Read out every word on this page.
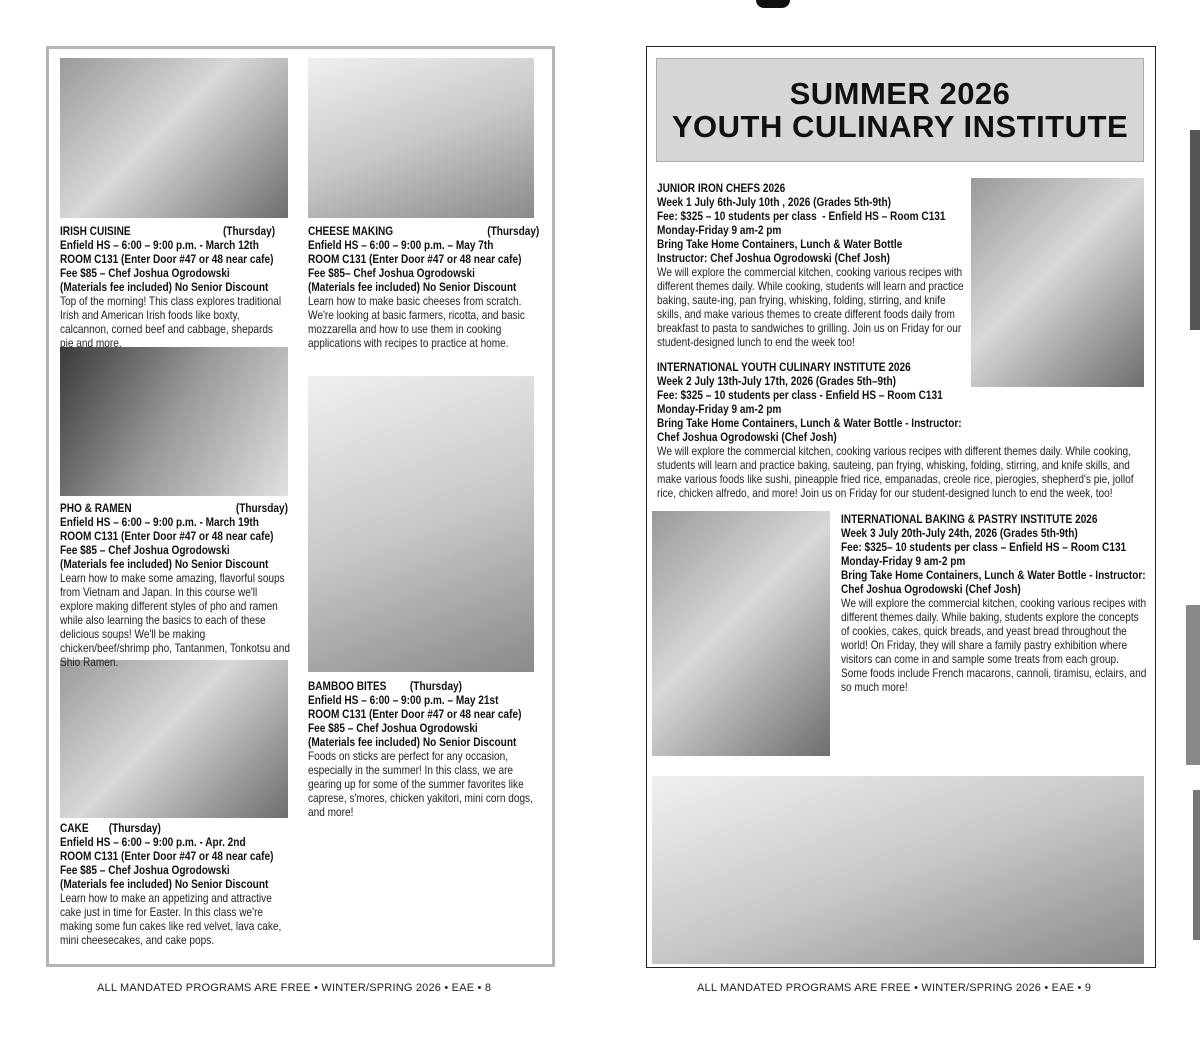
IRISH CUISINE	(Thursday)
Enfield HS – 6:00 – 9:00 p.m. - March 12th
ROOM C131 (Enter Door #47 or 48 near cafe)
Fee $85 – Chef Joshua Ogrodowski
(Materials fee included) No Senior Discount
Top of the morning! This class explores traditional Irish and American Irish foods like boxty, calcannon, corned beef and cabbage, shepards pie and more.
CHEESE MAKING	(Thursday)
Enfield HS – 6:00 – 9:00 p.m. – May 7th
ROOM C131 (Enter Door #47 or 48 near cafe)
Fee $85– Chef Joshua Ogrodowski
(Materials fee included) No Senior Discount
Learn how to make basic cheeses from scratch. We're looking at basic farmers, ricotta, and basic mozzarella and how to use them in cooking applications with recipes to practice at home.
PHO & RAMEN	(Thursday)
Enfield HS – 6:00 – 9:00 p.m. - March 19th
ROOM C131 (Enter Door #47 or 48 near cafe)
Fee $85 – Chef Joshua Ogrodowski
(Materials fee included) No Senior Discount
Learn how to make some amazing, flavorful soups from Vietnam and Japan. In this course we'll explore making different styles of pho and ramen while also learning the basics to each of these delicious soups! We'll be making chicken/beef/shrimp pho, Tantanmen, Tonkotsu and Shio Ramen.
BAMBOO BITES (Thursday)
Enfield HS – 6:00 – 9:00 p.m. – May 21st
ROOM C131 (Enter Door #47 or 48 near cafe)
Fee $85 – Chef Joshua Ogrodowski
(Materials fee included) No Senior Discount
Foods on sticks are perfect for any occasion, especially in the summer! In this class, we are gearing up for some of the summer favorites like caprese, s'mores, chicken yakitori, mini corn dogs, and more!
CAKE (Thursday)
Enfield HS – 6:00 – 9:00 p.m. - Apr. 2nd
ROOM C131 (Enter Door #47 or 48 near cafe)
Fee $85 – Chef Joshua Ogrodowski
(Materials fee included) No Senior Discount
Learn how to make an appetizing and attractive cake just in time for Easter. In this class we're making some fun cakes like red velvet, lava cake, mini cheesecakes, and cake pops.
ALL MANDATED PROGRAMS ARE FREE • WINTER/SPRING 2026 • EAE • 8
SUMMER 2026
YOUTH CULINARY INSTITUTE
JUNIOR IRON CHEFS 2026
Week 1 July 6th-July 10th , 2026 (Grades 5th-9th)
Fee: $325 – 10 students per class  - Enfield HS – Room C131
Monday-Friday 9 am-2 pm
Bring Take Home Containers, Lunch & Water Bottle
Instructor: Chef Joshua Ogrodowski (Chef Josh)
We will explore the commercial kitchen, cooking various recipes with different themes daily. While cooking, students will learn and practice baking, saute-ing, pan frying, whisking, folding, stirring, and knife skills, and make various themes to create different foods daily from breakfast to pasta to sandwiches to grilling. Join us on Friday for our student-designed lunch to end the week too!
INTERNATIONAL YOUTH CULINARY INSTITUTE 2026
Week 2 July 13th-July 17th, 2026 (Grades 5th–9th)
Fee: $325 – 10 students per class - Enfield HS – Room C131
Monday-Friday 9 am-2 pm
Bring Take Home Containers, Lunch & Water Bottle - Instructor:
Chef Joshua Ogrodowski (Chef Josh)
We will explore the commercial kitchen, cooking various recipes with different themes daily. While cooking, students will learn and practice baking, sauteing, pan frying, whisking, folding, stirring, and knife skills, and make various foods like sushi, pineapple fried rice, empanadas, creole rice, pierogies, shepherd's pie, jollof rice, chicken alfredo, and more! Join us on Friday for our student-designed lunch to end the week, too!
INTERNATIONAL BAKING & PASTRY INSTITUTE 2026
Week 3 July 20th-July 24th, 2026 (Grades 5th-9th)
Fee: $325– 10 students per class – Enfield HS – Room C131
Monday-Friday 9 am-2 pm
Bring Take Home Containers, Lunch & Water Bottle - Instructor:
Chef Joshua Ogrodowski (Chef Josh)
We will explore the commercial kitchen, cooking various recipes with different themes daily. While baking, students explore the concepts of cookies, cakes, quick breads, and yeast bread throughout the world! On Friday, they will share a family pastry exhibition where visitors can come in and sample some treats from each group. Some foods include French macarons, cannoli, tiramisu, eclairs, and so much more!
ALL MANDATED PROGRAMS ARE FREE • WINTER/SPRING 2026 • EAE • 9
